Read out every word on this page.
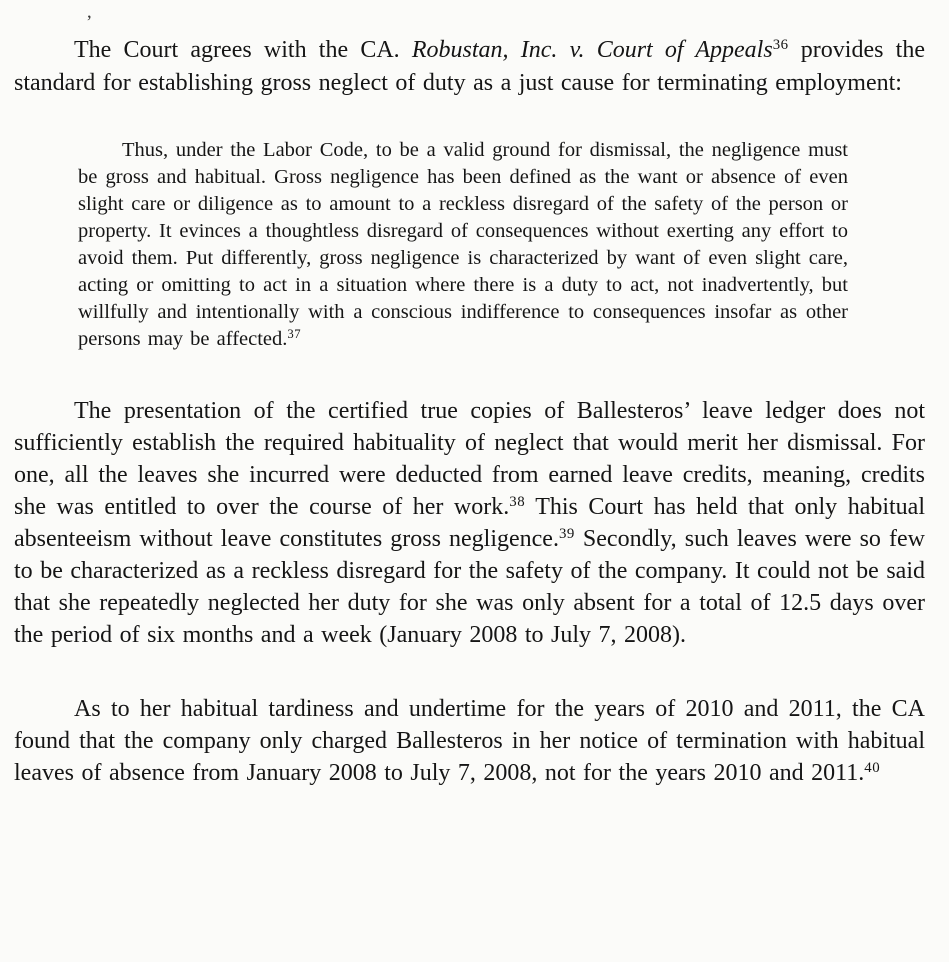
’

The Court agrees with the CA. Robustan, Inc. v. Court of Appeals$^{36}$ provides the standard for establishing gross neglect of duty as a just cause for terminating employment:

Thus, under the Labor Code, to be a valid ground for dismissal, the negligence must be gross and habitual. Gross negligence has been defined as the want or absence of even slight care or diligence as to amount to a reckless disregard of the safety of the person or property. It evinces a thoughtless disregard of consequences without exerting any effort to avoid them. Put differently, gross negligence is characterized by want of even slight care, acting or omitting to act in a situation where there is a duty to act, not inadvertently, but willfully and intentionally with a conscious indifference to consequences insofar as other persons may be affected.$^{37}$

The presentation of the certified true copies of Ballesteros’ leave ledger does not sufficiently establish the required habituality of neglect that would merit her dismissal. For one, all the leaves she incurred were deducted from earned leave credits, meaning, credits she was entitled to over the course of her work.$^{38}$ This Court has held that only habitual absenteeism without leave constitutes gross negligence.$^{39}$ Secondly, such leaves were so few to be characterized as a reckless disregard for the safety of the company. It could not be said that she repeatedly neglected her duty for she was only absent for a total of 12.5 days over the period of six months and a week (January 2008 to July 7, 2008).

As to her habitual tardiness and undertime for the years of 2010 and 2011, the CA found that the company only charged Ballesteros in her notice of termination with habitual leaves of absence from January 2008 to July 7, 2008, not for the years 2010 and 2011.40
